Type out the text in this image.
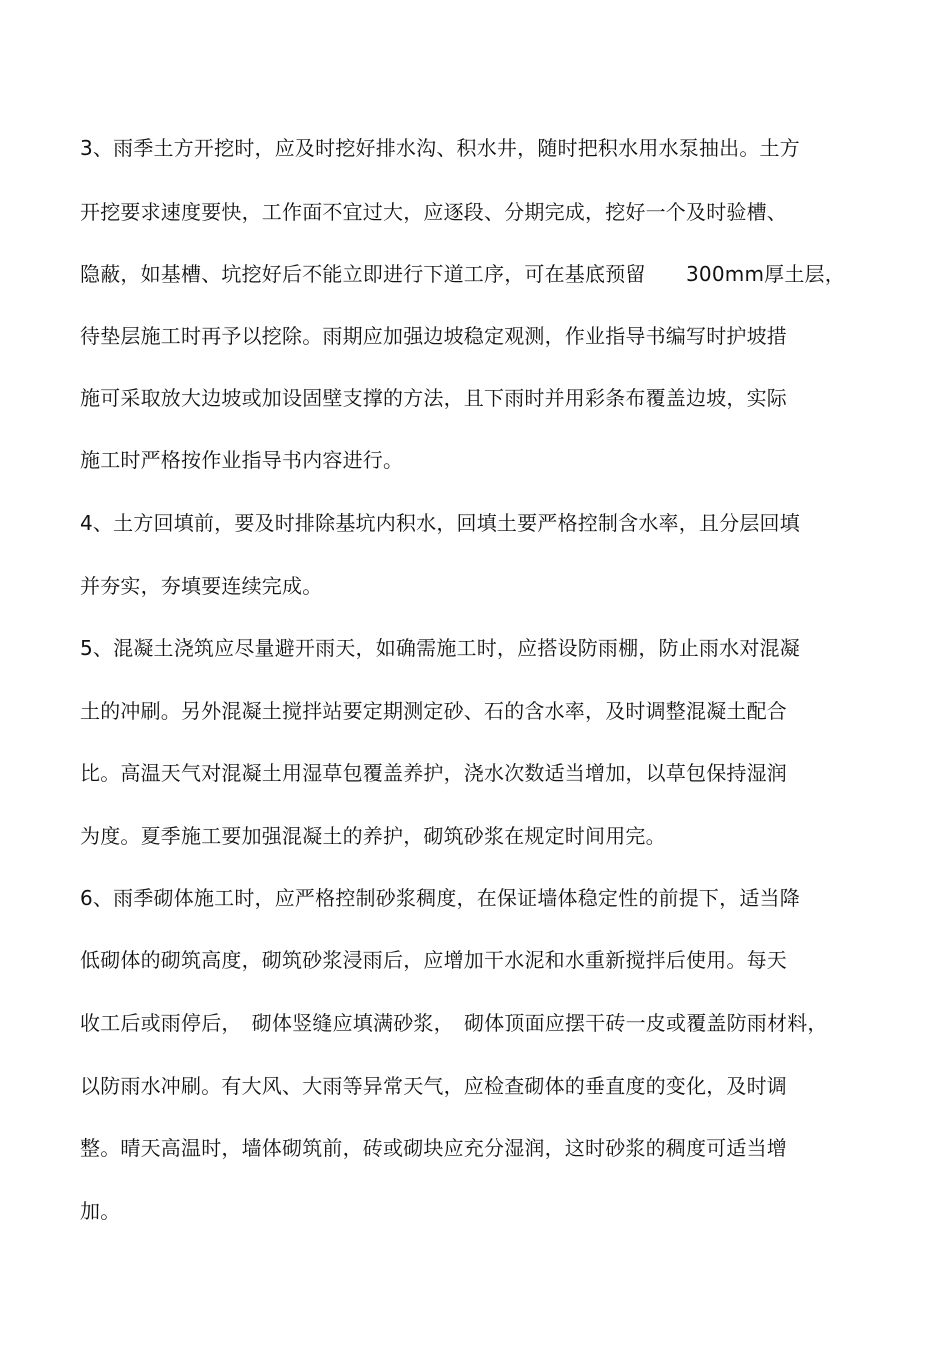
3、雨季土方开挖时，应及时挖好排水沟、积水井，随时把积水用水泵抽出。土方
开挖要求速度要快，工作面不宜过大，应逐段、分期完成，挖好一个及时验槽、
隐蔽，如基槽、坑挖好后不能立即进行下道工序，可在基底预留　　300mm厚土层，
待垫层施工时再予以挖除。雨期应加强边坡稳定观测，作业指导书编写时护坡措
施可采取放大边坡或加设固壁支撑的方法，且下雨时并用彩条布覆盖边坡，实际
施工时严格按作业指导书内容进行。
4、土方回填前，要及时排除基坑内积水，回填土要严格控制含水率，且分层回填
并夯实，夯填要连续完成。
5、混凝土浇筑应尽量避开雨天，如确需施工时，应搭设防雨棚，防止雨水对混凝
土的冲刷。另外混凝土搅拌站要定期测定砂、石的含水率，及时调整混凝土配合
比。高温天气对混凝土用湿草包覆盖养护，浇水次数适当增加，以草包保持湿润
为度。夏季施工要加强混凝土的养护，砌筑砂浆在规定时间用完。
6、雨季砌体施工时，应严格控制砂浆稠度，在保证墙体稳定性的前提下，适当降
低砌体的砌筑高度，砌筑砂浆浸雨后，应增加干水泥和水重新搅拌后使用。每天
收工后或雨停后，　砌体竖缝应填满砂浆，　砌体顶面应摆干砖一皮或覆盖防雨材料，
以防雨水冲刷。有大风、大雨等异常天气，应检查砌体的垂直度的变化，及时调
整。晴天高温时，墙体砌筑前，砖或砌块应充分湿润，这时砂浆的稠度可适当增
加。
